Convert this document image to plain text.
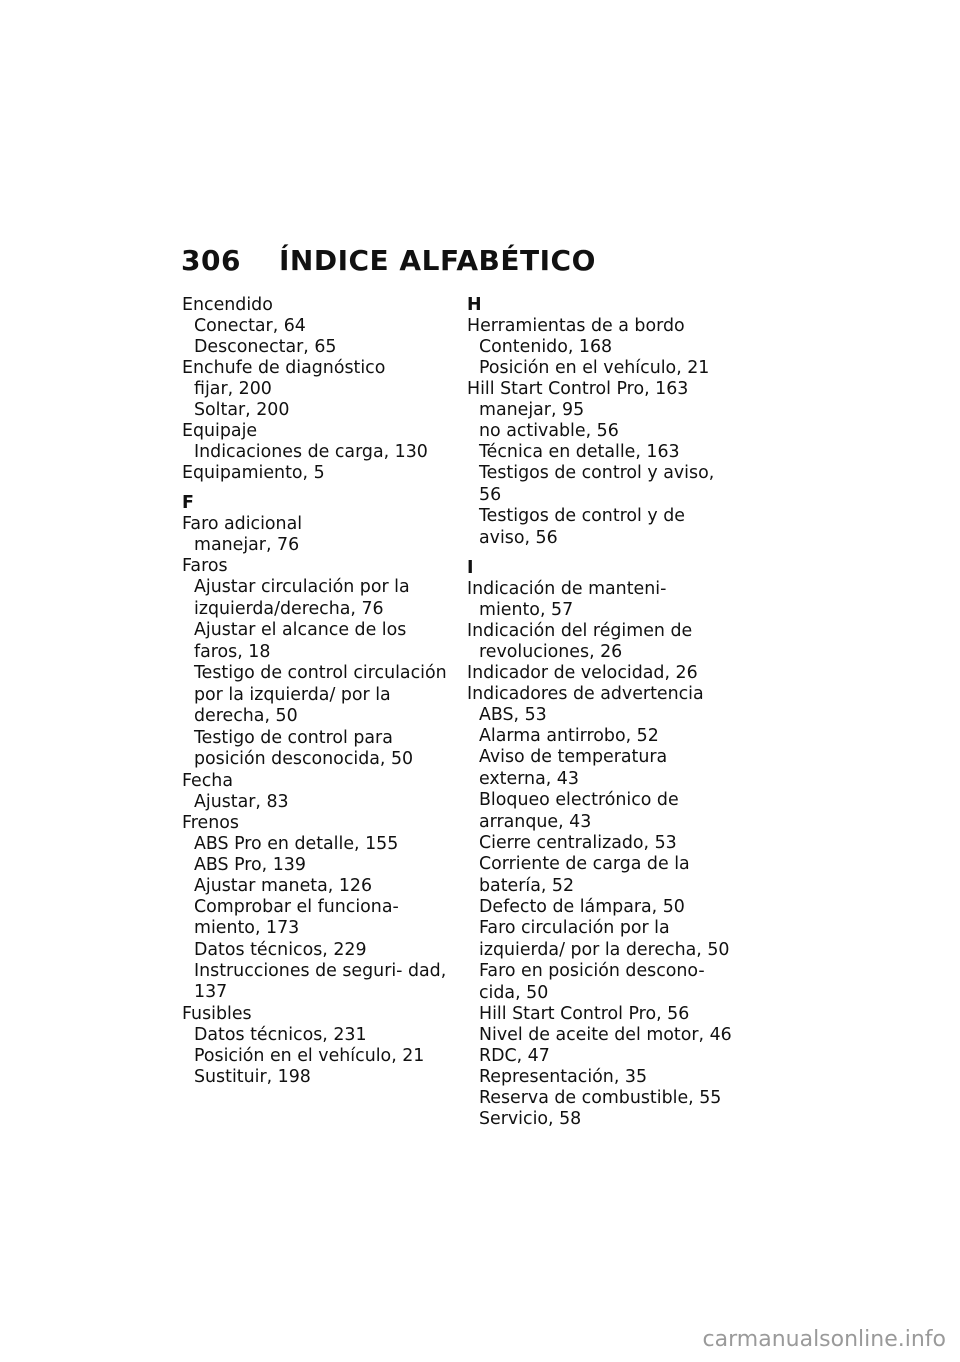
306 ÍNDICE ALFABÉTICO
Encendido
Conectar, 64
Desconectar, 65
Enchufe de diagnóstico
fijar, 200
Soltar, 200
Equipaje
Indicaciones de carga, 130
Equipamiento, 5
F
Faro adicional
manejar, 76
Faros
Ajustar circulación por la izquierda/derecha, 76
Ajustar el alcance de los faros, 18
Testigo de control circulación por la izquierda/ por la derecha, 50
Testigo de control para posición desconocida, 50
Fecha
Ajustar, 83
Frenos
ABS Pro en detalle, 155
ABS Pro, 139
Ajustar maneta, 126
Comprobar el funciona- miento, 173
Datos técnicos, 229
Instrucciones de seguri- dad, 137
Fusibles
Datos técnicos, 231
Posición en el vehículo, 21
Sustituir, 198
H
Herramientas de a bordo
Contenido, 168
Posición en el vehículo, 21
Hill Start Control Pro, 163
manejar, 95
no activable, 56
Técnica en detalle, 163
Testigos de control y aviso, 56
Testigos de control y de aviso, 56
I
Indicación de manteni- miento, 57
Indicación del régimen de revoluciones, 26
Indicador de velocidad, 26
Indicadores de advertencia
ABS, 53
Alarma antirrobo, 52
Aviso de temperatura externa, 43
Bloqueo electrónico de arranque, 43
Cierre centralizado, 53
Corriente de carga de la batería, 52
Defecto de lámpara, 50
Faro circulación por la izquierda/ por la derecha, 50
Faro en posición descono- cida, 50
Hill Start Control Pro, 56
Nivel de aceite del motor, 46
RDC, 47
Representación, 35
Reserva de combustible, 55
Servicio, 58
carmanualsonline.info
